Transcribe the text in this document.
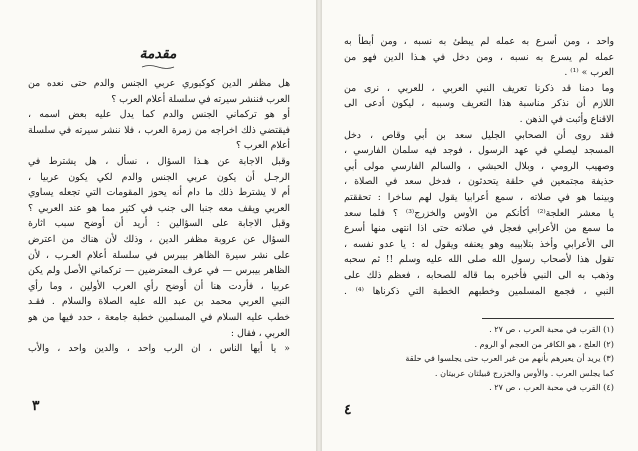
مقدمة
هل مظفر الدين كوكبوري عربي الجنس والدم حتى نعده من
العرب فننشر سيرته في سلسلة أعلام العرب ؟
أو هو تركماني الجنس والدم كما يدل عليه بعض اسمه ،
فيقتضي ذلك اخراجه من زمرة العرب ، فلا ننشر سيرته في سلسلة
أعلام العرب ؟
وقبل الاجابة عن هـذا السؤال ، نسأل ، هل يشترط في
الرجـل أن يكون عربي الجنس والدم لكي يكون عربيا ،
أم لا يشترط ذلك ما دام أنه يحوز المقومات التي تجعله يساوي
العربي ويقف معه جنبا الى جنب في كثير مما هو عند العربي ؟
وقبل الاجابة على السؤالين : أريد أن أوضح سبب اثارة
السؤال عن عروبة مظفر الدين ، وذلك لأن هناك من اعترض
على نشر سيرة الظاهر بيبرس في سلسلة أعلام العـرب ، لأن
الظاهر بيبرس — في عرف المعترضين — تركماني الأصل ولم يكن
عربيا ، فأردت هنا أن أوضح رأي العرب الأولين ، وما رأي
النبي العربي محمد بن عبد الله عليه الصلاة والسلام . فقـد
خطب عليه السلام في المسلمين خطبة جامعة ، حدد فيها من هو
العربي ، فقال :
« يا أيها الناس ، ان الرب واحد ، والدين واحد ، والأب
٣
واحد ، ومن أسرع به عمله لم يبطئ به نسبه ، ومن أبطأ به
عمله لم يسرع به نسبه ، ومن دخل في هـذا الدين فهو من
العرب » ⁽¹⁾ .
وما دمنا قد ذكرنا تعريف النبي العربي ، للعربي ، نرى من
اللازم أن نذكر مناسبة هذا التعريف وسببه ، ليكون أدعى الى
الاقناع وأثبت في الذهن .
فقد روى أن الصحابي الجليل سعد بن أبي وقاص ، دخل
المسجد ليصلي في عهد الرسول ، فوجد فيه سلمان الفارسي ،
وصهيب الرومي ، وبلال الحبشي ، والسالم الفارسي مولى أبي
حذيفة مجتمعين في حلقة يتحدثون ، فدخل سعد في الصلاة ،
وبينما هو في صلاته ، سمع أعرابيا يقول لهم ساخرا : تحققتم
يا معشر العلجة⁽²⁾ أكأنكم من الأوس والخزرج⁽³⁾ ؟ فلما سعد
ما سمع من الأعرابي فعجل في صلاته حتى اذا انتهى منها أسرع
الى الأعرابي وأخذ بتلابيبه وهو يعنفه ويقول له : يا عدو نفسه ،
تقول هذا لأصحاب رسول الله صلى الله عليه وسلم !! ثم سحبه
وذهب به الى النبي فأخبره بما قاله للصحابه ، فعظم ذلك على
النبي ، فجمع المسلمين وخطبهم الخطبة التي ذكرناها ⁽⁴⁾ .
(١) القرب في محبة العرب ، ص ٢٧ .
(٢) العلج ، هو الكافر من العجم أو الروم .
(٣) يريد أن يعيرهم بأنهم من غير العرب حتى يجلسوا في حلقة
كما يجلس العرب . والأوس والخزرج قبيلتان عربيتان .
(٤) القرب في محبة العرب ، ص ٢٧ .
٤
